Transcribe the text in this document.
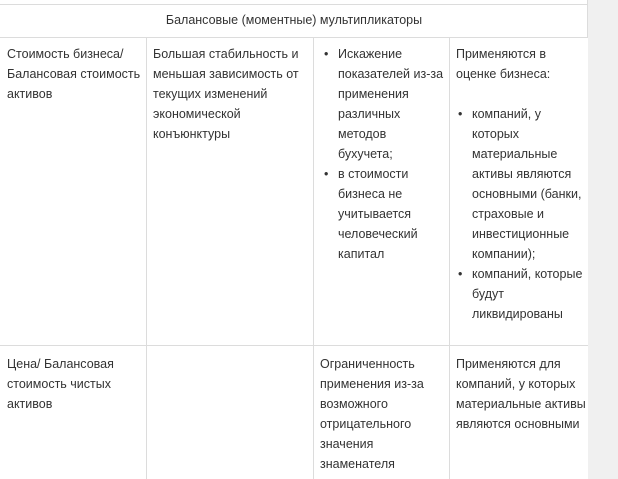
Балансовые (моментные) мультипликаторы
Стоимость бизнеса/ Балансовая стоимость активов
Большая стабильность и меньшая зависимость от текущих изменений экономической конъюнктуры
• Искажение показателей из-за применения различных методов бухучета;
• в стоимости бизнеса не учитывается человеческий капитал
Применяются в оценке бизнеса:
• компаний, у которых материальные активы являются основными (банки, страховые и инвестиционные компании);
• компаний, которые будут ликвидированы
Цена/ Балансовая стоимость чистых активов
Ограниченность применения из-за возможного отрицательного значения знаменателя
Применяются для компаний, у которых материальные активы являются основными
